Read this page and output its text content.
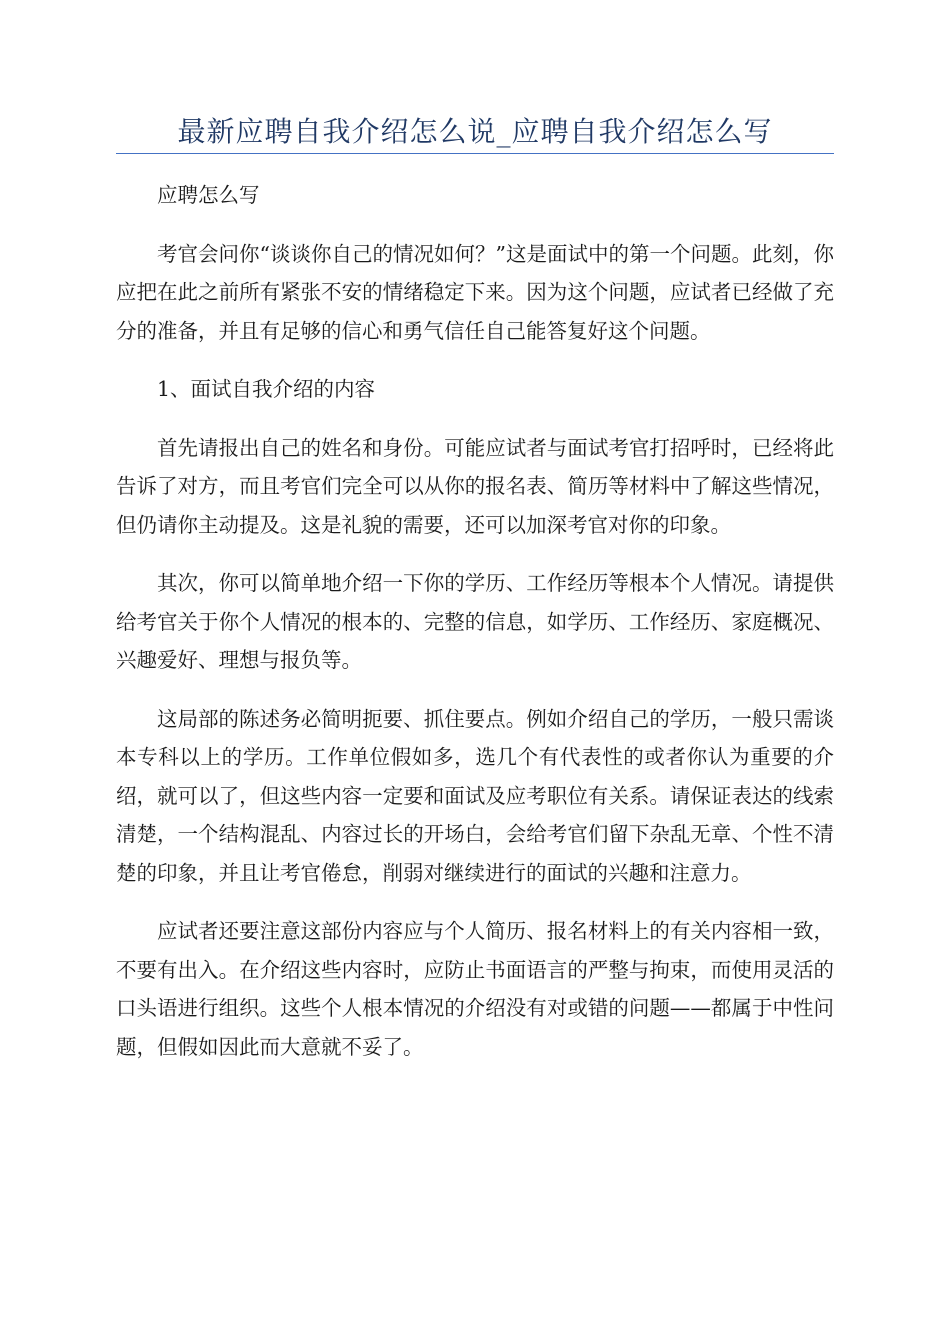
最新应聘自我介绍怎么说_应聘自我介绍怎么写

应聘怎么写

考官会问你“谈谈你自己的情况如何？”这是面试中的第一个问题。此刻，你应把在此之前所有紧张不安的情绪稳定下来。因为这个问题，应试者已经做了充分的准备，并且有足够的信心和勇气信任自己能答复好这个问题。

1、面试自我介绍的内容

首先请报出自己的姓名和身份。可能应试者与面试考官打招呼时，已经将此告诉了对方，而且考官们完全可以从你的报名表、简历等材料中了解这些情况，但仍请你主动提及。这是礼貌的需要，还可以加深考官对你的印象。

其次，你可以简单地介绍一下你的学历、工作经历等根本个人情况。请提供给考官关于你个人情况的根本的、完整的信息，如学历、工作经历、家庭概况、兴趣爱好、理想与报负等。

这局部的陈述务必简明扼要、抓住要点。例如介绍自己的学历，一般只需谈本专科以上的学历。工作单位假如多，选几个有代表性的或者你认为重要的介绍，就可以了，但这些内容一定要和面试及应考职位有关系。请保证表达的线索清楚，一个结构混乱、内容过长的开场白，会给考官们留下杂乱无章、个性不清楚的印象，并且让考官倦怠，削弱对继续进行的面试的兴趣和注意力。

应试者还要注意这部份内容应与个人简历、报名材料上的有关内容相一致，不要有出入。在介绍这些内容时，应防止书面语言的严整与拘束，而使用灵活的口头语进行组织。这些个人根本情况的介绍没有对或错的问题——都属于中性问题，但假如因此而大意就不妥了。
